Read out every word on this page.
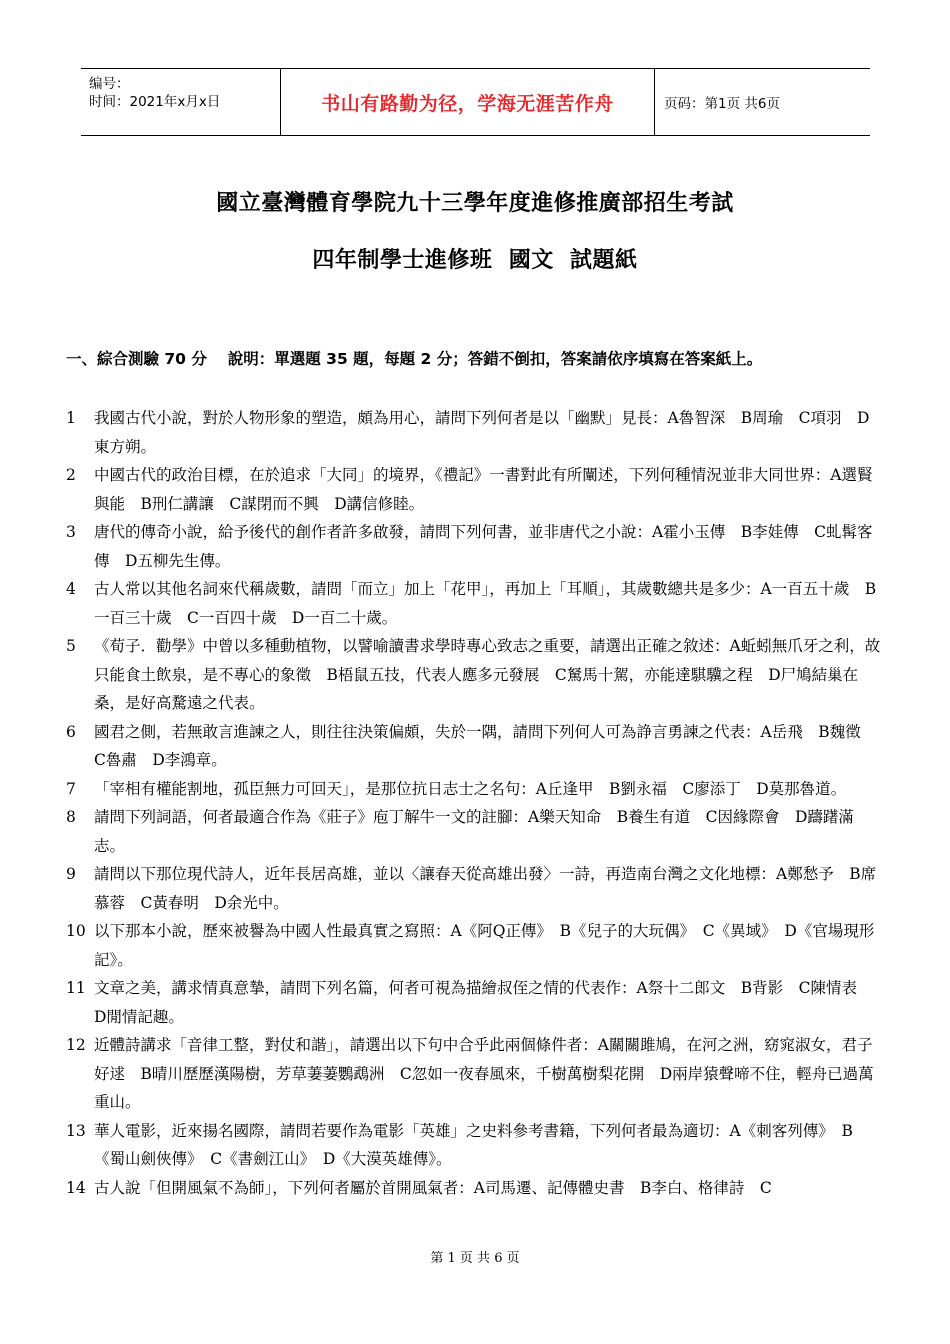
编号：
时间：2021年x月x日	书山有路勤为径，学海无涯苦作舟	页码：第1页 共6页
國立臺灣體育學院九十三學年度進修推廣部招生考試
四年制學士進修班  國文  試題紙
一、綜合測驗 70 分　 說明：單選題 35 題，每題 2 分；答錯不倒扣，答案請依序填寫在答案紙上。
1 我國古代小說，對於人物形象的塑造，頗為用心，請問下列何者是以「幽默」見長：A魯智深　B周瑜　C項羽　D東方朔。
2 中國古代的政治目標，在於追求「大同」的境界，《禮記》一書對此有所闡述，下列何種情況並非大同世界：A選賢與能　B刑仁講讓　C謀閉而不興　D講信修睦。
3 唐代的傳奇小說，給予後代的創作者許多啟發，請問下列何書，並非唐代之小說：A霍小玉傳　B李娃傳　C虬髯客傳　D五柳先生傳。
4 古人常以其他名詞來代稱歲數，請問「而立」加上「花甲」，再加上「耳順」，其歲數總共是多少：A一百五十歲　B一百三十歲　C一百四十歲　D一百二十歲。
5 《荀子．勸學》中曾以多種動植物，以譬喻讀書求學時專心致志之重要，請選出正確之敘述：A蚯蚓無爪牙之利，故只能食土飲泉，是不專心的象徵　B梧鼠五技，代表人應多元發展　C駑馬十駕，亦能達騏驥之程　D尸鳩結巢在桑，是好高騖遠之代表。
6 國君之側，若無敢言進諫之人，則往往決策偏頗，失於一隅，請問下列何人可為諍言勇諫之代表：A岳飛　B魏徵　C魯肅　D李鴻章。
7 「宰相有權能割地，孤臣無力可回天」，是那位抗日志士之名句：A丘逢甲　B劉永福　C廖添丁　D莫那魯道。
8 請問下列詞語，何者最適合作為《莊子》庖丁解牛一文的註腳：A樂天知命　B養生有道　C因緣際會　D躊躇滿志。
9 請問以下那位現代詩人，近年長居高雄，並以〈讓春天從高雄出發〉一詩，再造南台灣之文化地標：A鄭愁予　B席慕蓉　C黃春明　D余光中。
10 以下那本小說，歷來被譽為中國人性最真實之寫照：A《阿Q正傳》　B《兒子的大玩偶》　C《異域》　D《官場現形記》。
11 文章之美，講求情真意摯，請問下列名篇，何者可視為描繪叔侄之情的代表作：A祭十二郎文　B背影　C陳情表　D閒情記趣。
12 近體詩講求「音律工整，對仗和諧」，請選出以下句中合乎此兩個條件者：A關關雎鳩，在河之洲，窈窕淑女，君子好逑　B晴川歷歷漢陽樹，芳草萋萋鸚鵡洲　C忽如一夜春風來，千樹萬樹梨花開　D兩岸猿聲啼不住，輕舟已過萬重山。
13 華人電影，近來揚名國際，請問若要作為電影「英雄」之史料參考書籍，下列何者最為適切：A《刺客列傳》　B《蜀山劍俠傳》　C《書劍江山》　D《大漠英雄傳》。
14 古人說「但開風氣不為師」，下列何者屬於首開風氣者：A司馬遷、記傳體史書　B李白、格律詩　C
第 1 页 共 6 页
